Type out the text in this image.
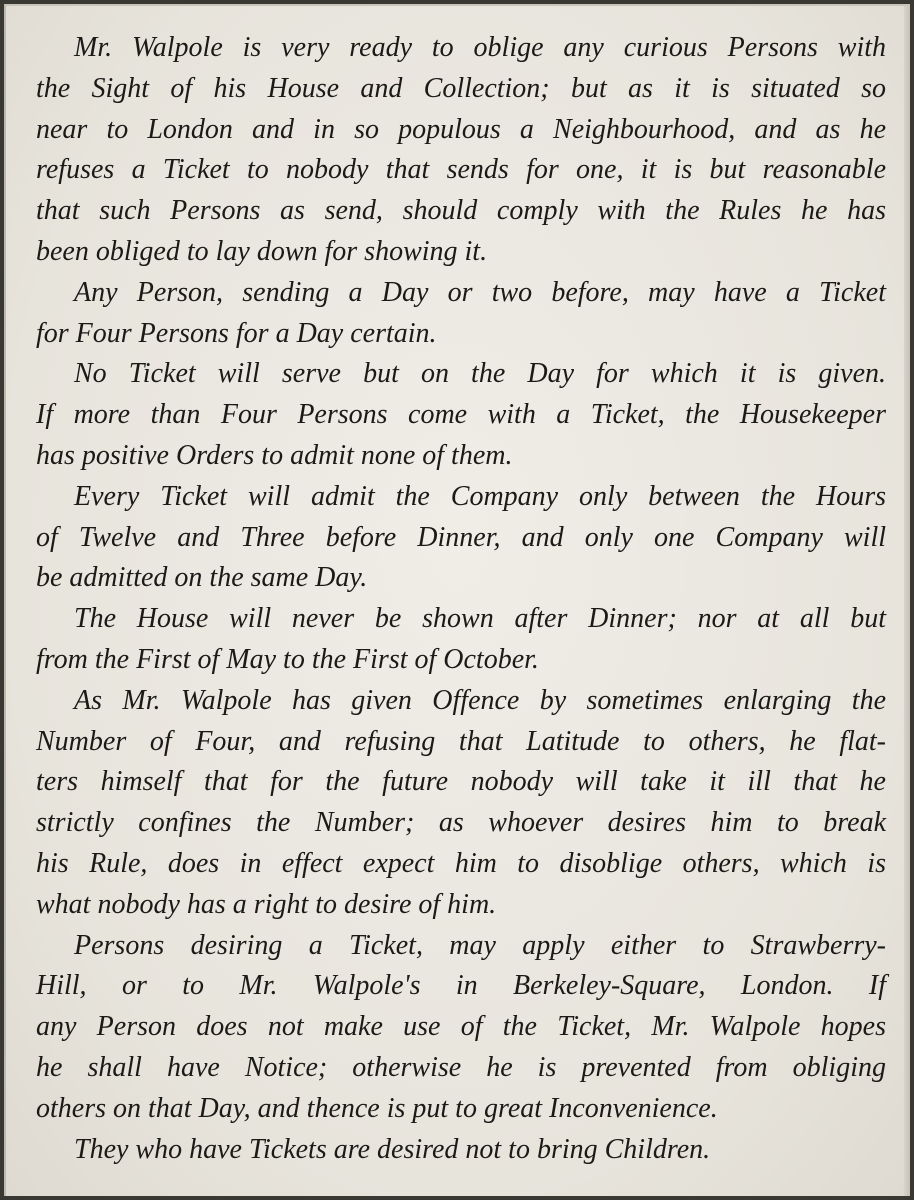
Mr. Walpole is very ready to oblige any curious Persons with
the Sight of his House and Collection; but as it is situated so
near to London and in so populous a Neighbourhood, and as he
refuses a Ticket to nobody that sends for one, it is but reasonable
that such Persons as send, should comply with the Rules he has
been obliged to lay down for showing it.

Any Person, sending a Day or two before, may have a Ticket
for Four Persons for a Day certain.

No Ticket will serve but on the Day for which it is given.
If more than Four Persons come with a Ticket, the Housekeeper
has positive Orders to admit none of them.

Every Ticket will admit the Company only between the Hours
of Twelve and Three before Dinner, and only one Company will
be admitted on the same Day.

The House will never be shown after Dinner; nor at all but
from the First of May to the First of October.

As Mr. Walpole has given Offence by sometimes enlarging the
Number of Four, and refusing that Latitude to others, he flat-
ters himself that for the future nobody will take it ill that he
strictly confines the Number; as whoever desires him to break
his Rule, does in effect expect him to disoblige others, which is
what nobody has a right to desire of him.

Persons desiring a Ticket, may apply either to Strawberry-
Hill, or to Mr. Walpole's in Berkeley-Square, London. If
any Person does not make use of the Ticket, Mr. Walpole hopes
he shall have Notice; otherwise he is prevented from obliging
others on that Day, and thence is put to great Inconvenience.

They who have Tickets are desired not to bring Children.
